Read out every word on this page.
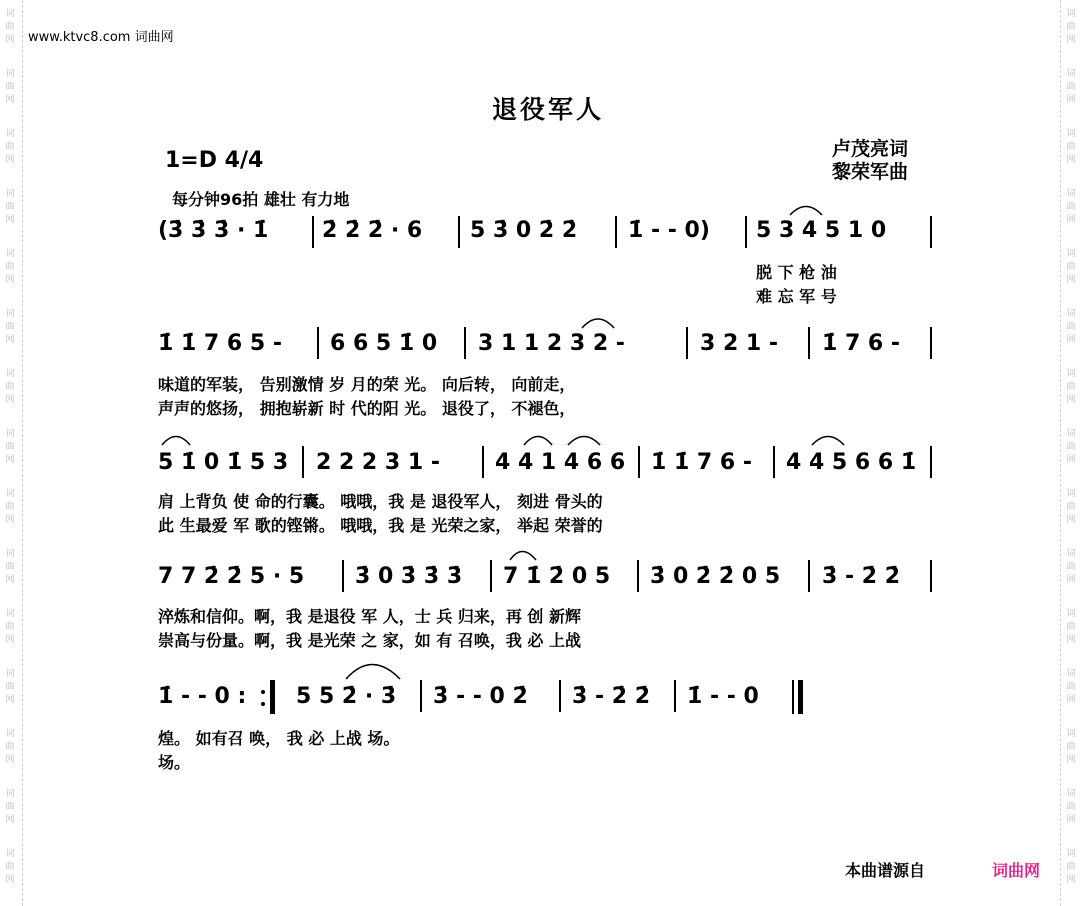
词
曲
网
词
曲
网
词
曲
网
词
曲
网
词
曲
网
词
曲
网
词
曲
网
词
曲
网
词
曲
网
词
曲
网
词
曲
网
词
曲
网
词
曲
网
词
曲
网
词
曲
网
词
曲
网
词
曲
网
词
曲
网
词
曲
网
词
曲
网
词
曲
网
词
曲
网
词
曲
网
词
曲
网
词
曲
网
词
曲
网
词
曲
网
词
曲
网
词
曲
网
词
曲
网
www.ktvc8.com 词曲网
退役军人
卢茂亮词
黎荣军曲
1=D 4/4
每分钟96拍 雄壮 有力地
(3̇ 3̇ 3̇ · 1̇ 2̇ 2̇ 2̇ · 6 5 3̇ 0 2̇ 2̇ 1̇ - - 0) 5 3 4 5 1 0
脱 下 枪 油
难 忘 军 号
1̇ 1̇ 7 6 5 - 6 6 5 1̇ 0 3 1 1 2 3 2 -	3 2 1 - 1̇ 7 6 -
味道的军装， 告别激情 岁 月的荣 光。 向后转， 向前走，
声声的悠扬， 拥抱崭新 时 代的阳 光。 退役了， 不褪色，
5 1̇ 0 1̇ 5 3 2 2 2 3 1 -	4 4 1 4 6 6 1̇ 1̇ 7 6 - 4 4 5 6 6 1̇
肩 上背负 使 命的行囊。 哦哦，我 是 退役军人， 刻进 骨头的
此 生最爱 军 歌的铿锵。 哦哦，我 是 光荣之家， 举起 荣誉的
7 7 2̇ 2̇ 5 · 5 3̇ 0 3̇ 3̇ 3̇ 7 1̇ 2̇ 0 5 3̇ 0 2̇ 2̇ 0 5 3̇ - 2̇ 2̇
淬炼和信仰。啊，我 是退役 军 人，士 兵 归来，再 创 新辉
崇高与份量。啊，我 是光荣 之 家，如 有 召唤，我 必 上战
1̇ - - 0 : 5 5 2̇ · 3̇ 3̇ - - 0 2̇ 3̇ - 2̇ 2̇ 1̇ - - 0
煌。 如有召 唤， 我 必 上战 场。
场。
本曲谱源自	词曲网
